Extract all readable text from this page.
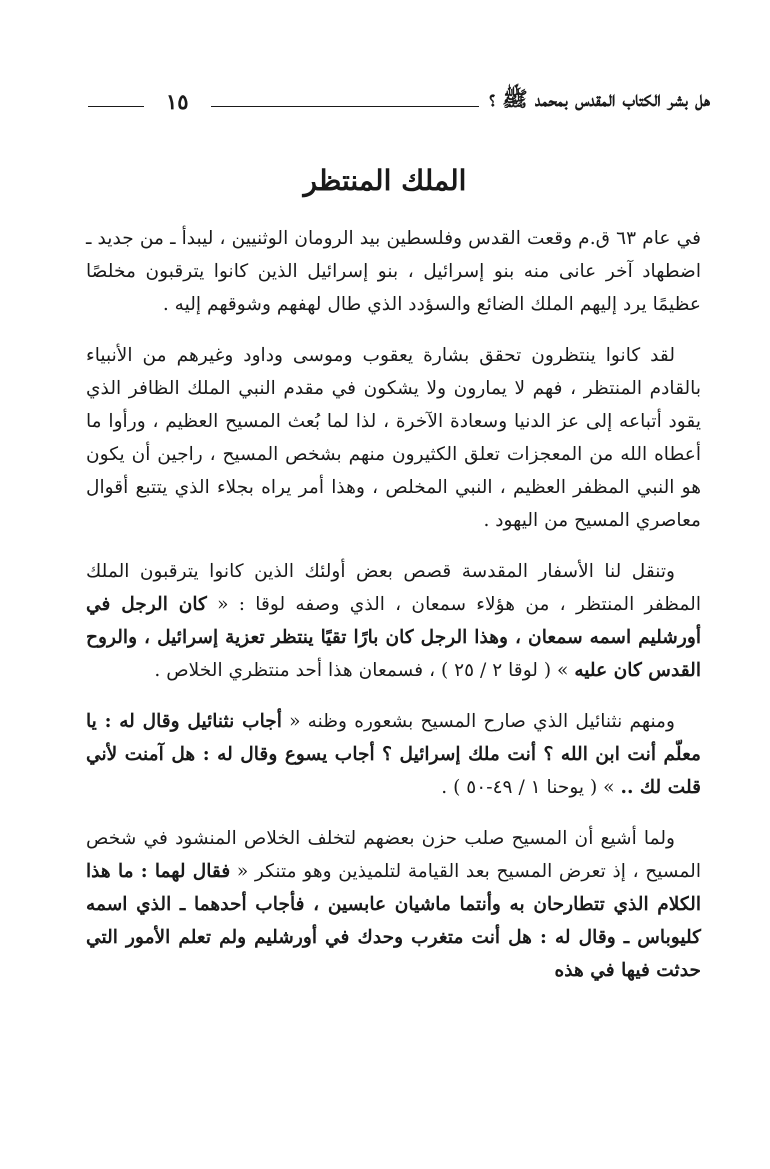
هل بشر الكتاب المقدس بمحمد ﷺ ؟
١٥
الملك المنتظر

في عام ٦٣ ق.م وقعت القدس وفلسطين بيد الرومان الوثنيين ، ليبدأ ـ من جديد ـ اضطهاد آخر عانى منه بنو إسرائيل ، بنو إسرائيل الذين كانوا يترقبون مخلصًا عظيمًا يرد إليهم الملك الضائع والسؤدد الذي طال لهفهم وشوقهم إليه .

لقد كانوا ينتظرون تحقق بشارة يعقوب وموسى وداود وغيرهم من الأنبياء بالقادم المنتظر ، فهم لا يمارون ولا يشكون في مقدم النبي الملك الظافر الذي يقود أتباعه إلى عز الدنيا وسعادة الآخرة ، لذا لما بُعث المسيح العظيم ، ورأوا ما أعطاه الله من المعجزات تعلق الكثيرون منهم بشخص المسيح ، راجين أن يكون هو النبي المظفر العظيم ، النبي المخلص ، وهذا أمر يراه بجلاء الذي يتتبع أقوال معاصري المسيح من اليهود .

وتنقل لنا الأسفار المقدسة قصص بعض أولئك الذين كانوا يترقبون الملك المظفر المنتظر ، من هؤلاء سمعان ، الذي وصفه لوقا : « كان الرجل في أورشليم اسمه سمعان ، وهذا الرجل كان بارًا تقيًا ينتظر تعزية إسرائيل ، والروح القدس كان عليه » ( لوقا ٢ / ٢٥ ) ، فسمعان هذا أحد منتظري الخلاص .

ومنهم نثنائيل الذي صارح المسيح بشعوره وظنه « أجاب نثنائيل وقال له : يا معلّم أنت ابن الله ؟ أنت ملك إسرائيل ؟ أجاب يسوع وقال له : هل آمنت لأني قلت لك .. » ( يوحنا ١ / ٤٩-٥٠ ) .

ولما أشيع أن المسيح صلب حزن بعضهم لتخلف الخلاص المنشود في شخص المسيح ، إذ تعرض المسيح بعد القيامة لتلميذين وهو متنكر « فقال لهما : ما هذا الكلام الذي تتطارحان به وأنتما ماشيان عابسين ، فأجاب أحدهما ـ الذي اسمه كليوباس ـ وقال له : هل أنت متغرب وحدك في أورشليم ولم تعلم الأمور التي حدثت فيها في هذه
